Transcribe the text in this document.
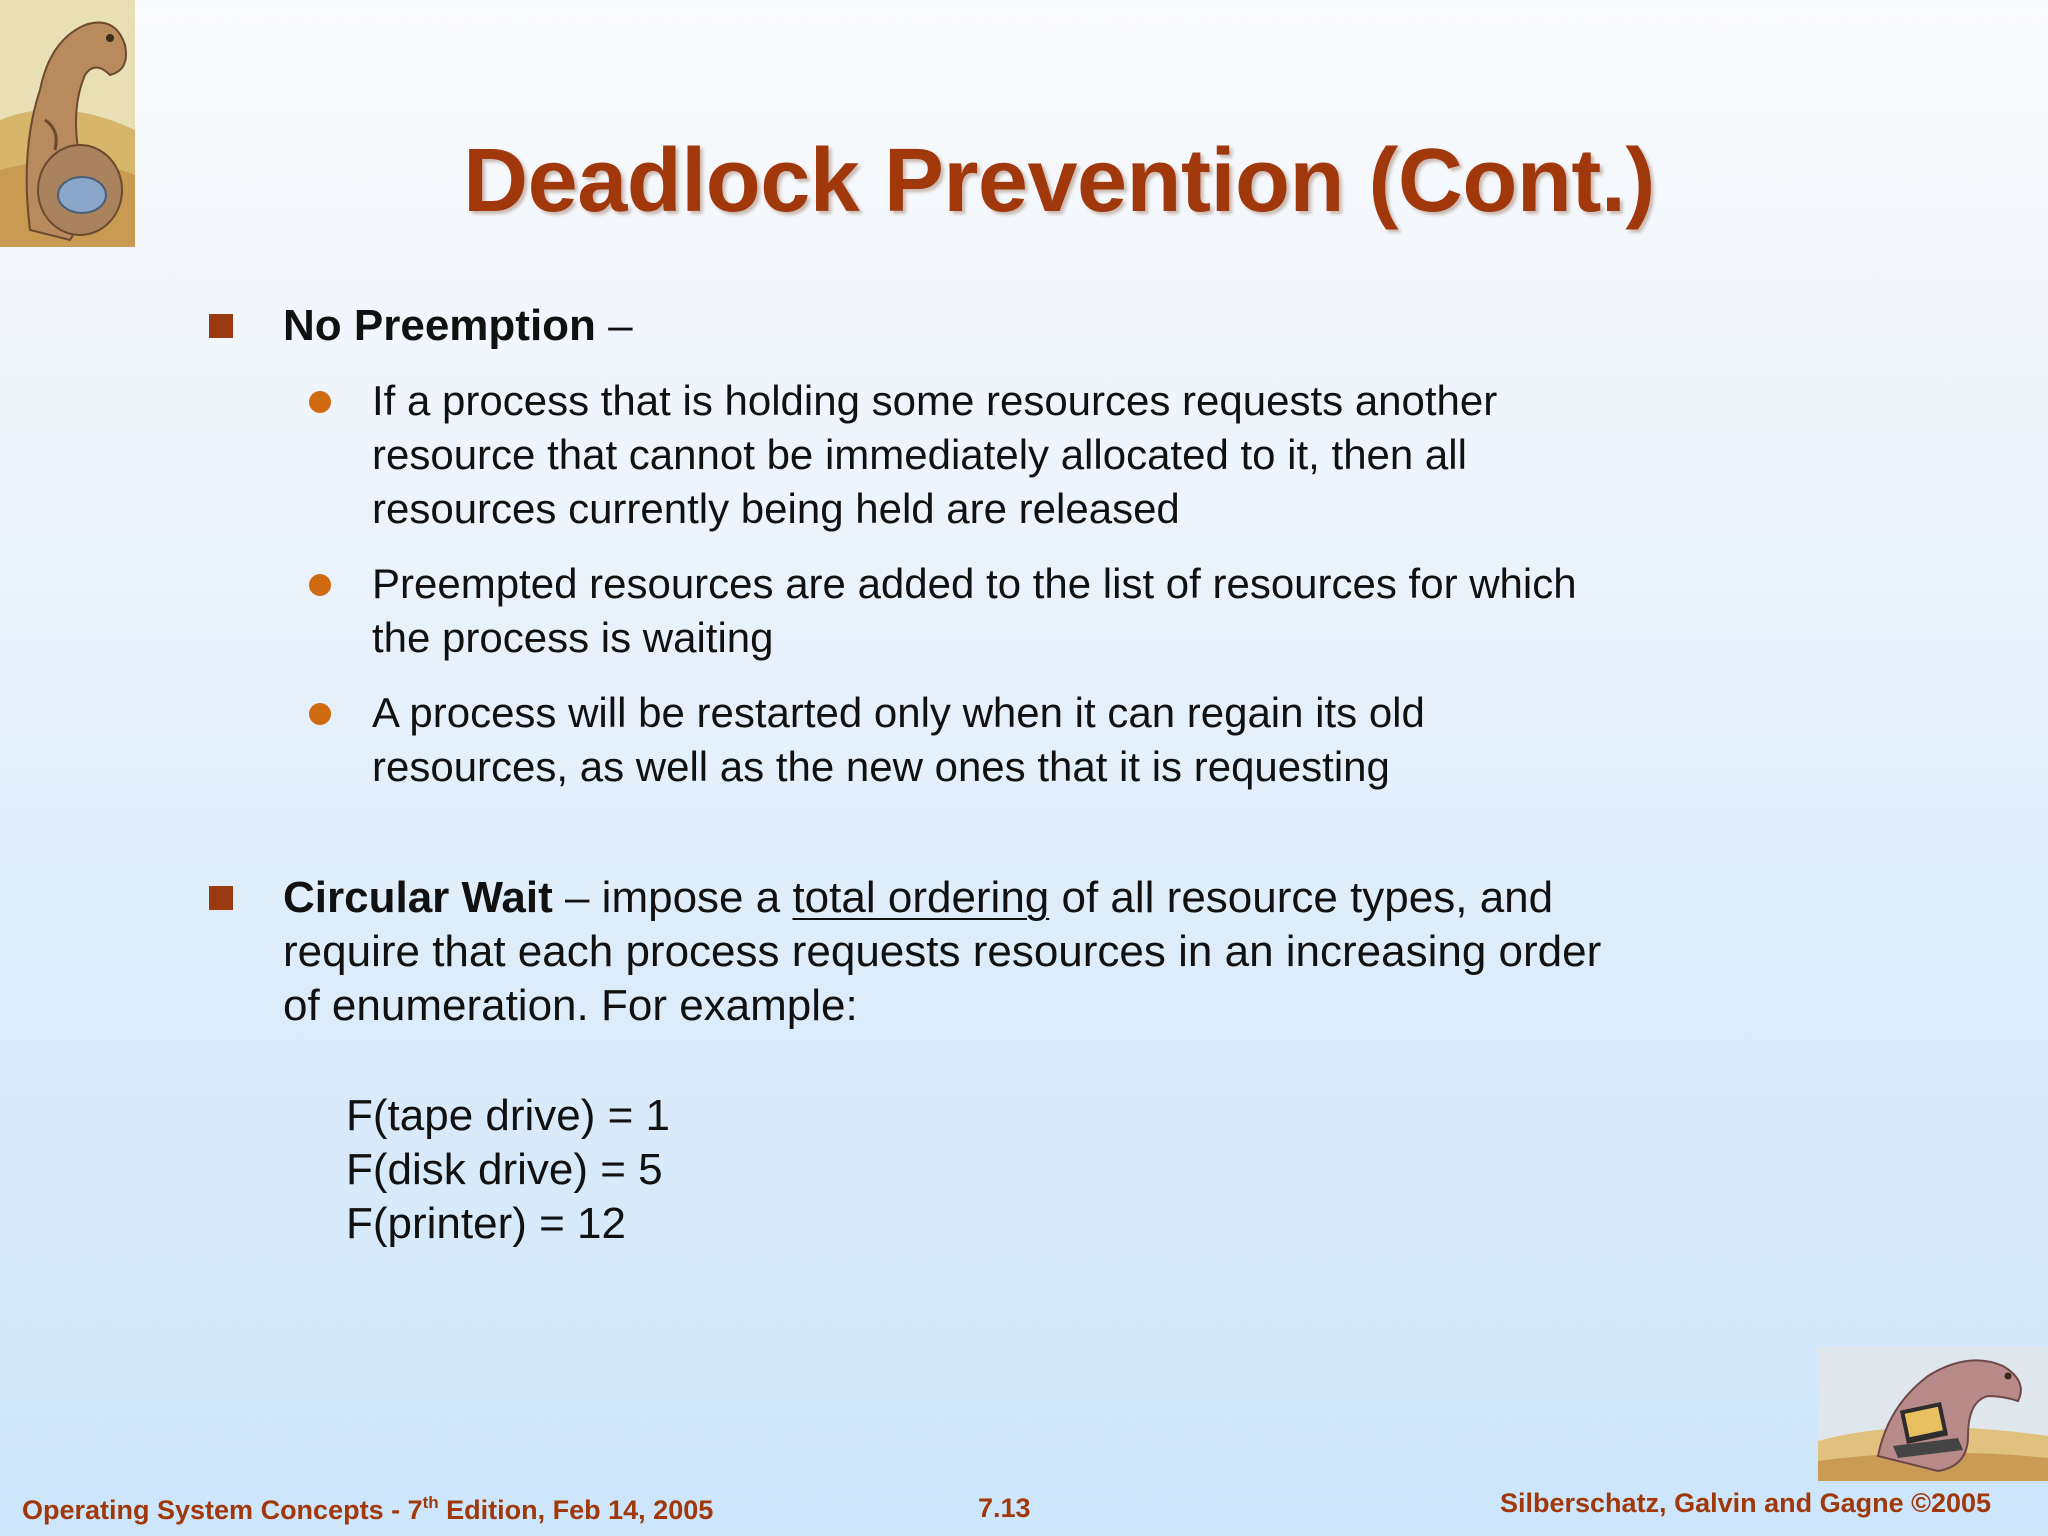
Deadlock Prevention (Cont.)
No Preemption –
If a process that is holding some resources requests another
resource that cannot be immediately allocated to it, then all
resources currently being held are released
Preempted resources are added to the list of resources for which
the process is waiting
A process will be restarted only when it can regain its old
resources, as well as the new ones that it is requesting
Circular Wait – impose a total ordering of all resource types, and
require that each process requests resources in an increasing order
of enumeration. For example:
F(tape drive) = 1
F(disk drive) = 5
F(printer) = 12
Operating System Concepts - 7th Edition, Feb 14, 2005	7.13	Silberschatz, Galvin and Gagne ©2005
